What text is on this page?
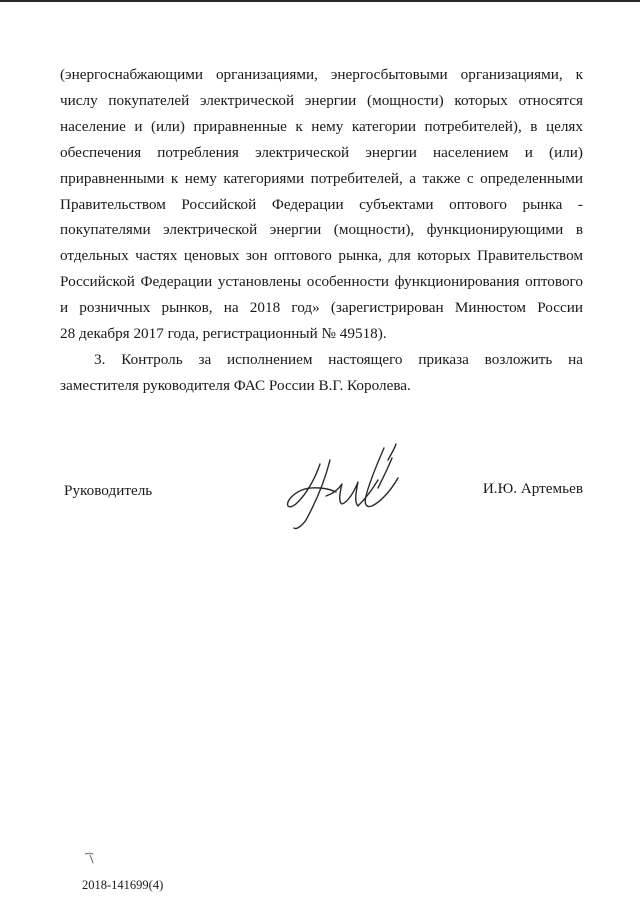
(энергоснабжающими организациями, энергосбытовыми организациями, к
числу покупателей электрической энергии (мощности) которых относятся
население и (или) приравненные к нему категории потребителей), в целях
обеспечения потребления электрической энергии населением и (или)
приравненными к нему категориями потребителей, а также с определенными
Правительством Российской Федерации субъектами оптового рынка -
покупателями электрической энергии (мощности), функционирующими в
отдельных частях ценовых зон оптового рынка, для которых Правительством
Российской Федерации установлены особенности функционирования оптового
и розничных рынков, на 2018 год» (зарегистрирован Минюстом России
28 декабря 2017 года, регистрационный № 49518).
3. Контроль за исполнением настоящего приказа возложить на
заместителя руководителя ФАС России В.Г. Королева.
Руководитель	И.Ю. Артемьев
2018-141699(4)
